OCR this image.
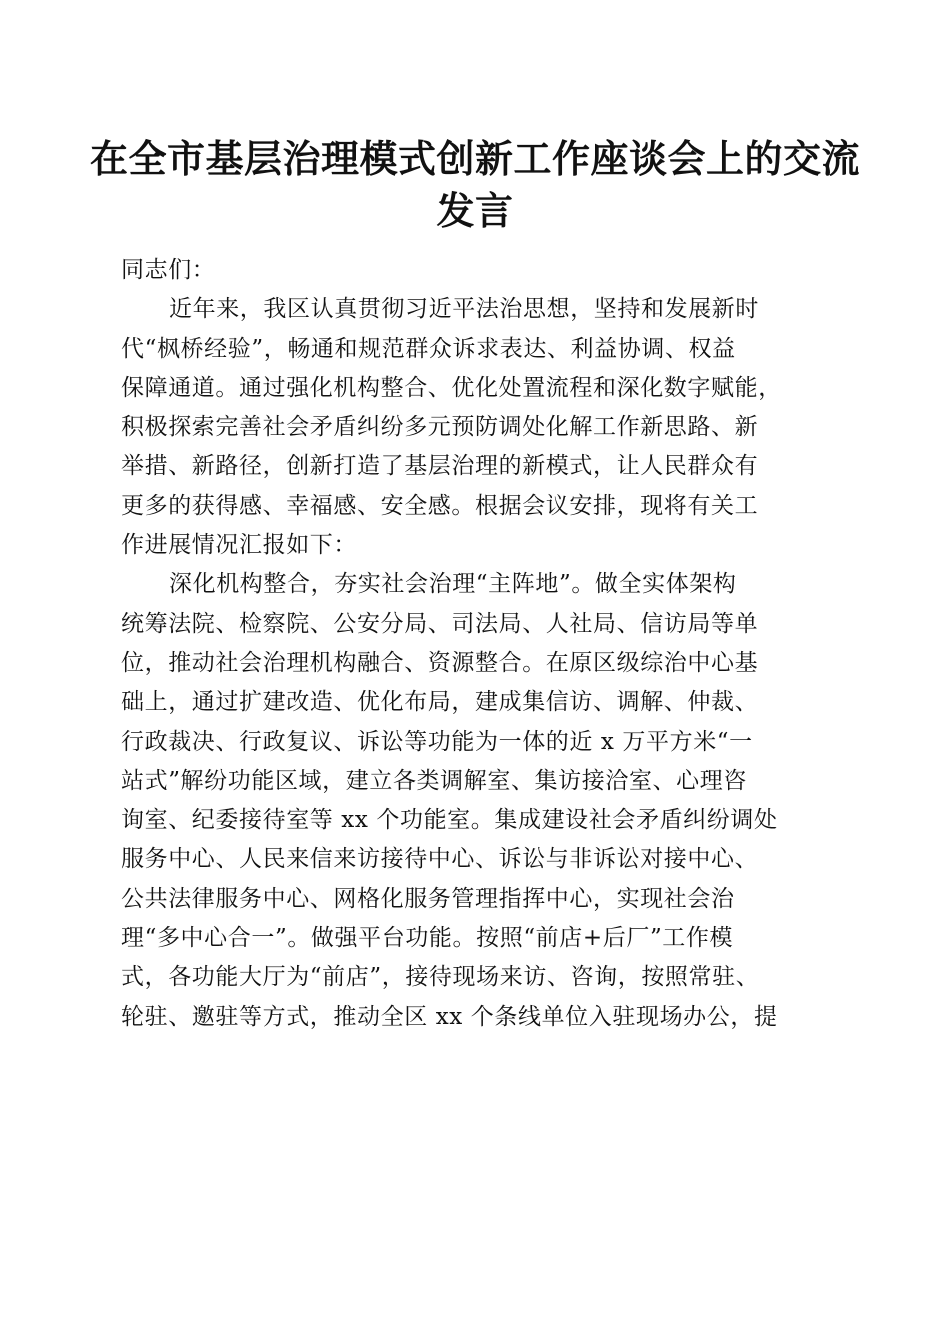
在全市基层治理模式创新工作座谈会上的交流
发言
同志们：
近年来，我区认真贯彻习近平法治思想，坚持和发展新时
代“枫桥经验”，畅通和规范群众诉求表达、利益协调、权益
保障通道。通过强化机构整合、优化处置流程和深化数字赋能，
积极探索完善社会矛盾纠纷多元预防调处化解工作新思路、新
举措、新路径，创新打造了基层治理的新模式，让人民群众有
更多的获得感、幸福感、安全感。根据会议安排，现将有关工
作进展情况汇报如下：
深化机构整合，夯实社会治理“主阵地”。做全实体架构
统筹法院、检察院、公安分局、司法局、人社局、信访局等单
位，推动社会治理机构融合、资源整合。在原区级综治中心基
础上，通过扩建改造、优化布局，建成集信访、调解、仲裁、
行政裁决、行政复议、诉讼等功能为一体的近 x 万平方米“一
站式”解纷功能区域，建立各类调解室、集访接洽室、心理咨
询室、纪委接待室等 xx 个功能室。集成建设社会矛盾纠纷调处
服务中心、人民来信来访接待中心、诉讼与非诉讼对接中心、
公共法律服务中心、网格化服务管理指挥中心，实现社会治
理“多中心合一”。做强平台功能。按照“前店+后厂”工作模
式，各功能大厅为“前店”，接待现场来访、咨询，按照常驻、
轮驻、邀驻等方式，推动全区 xx 个条线单位入驻现场办公，提
